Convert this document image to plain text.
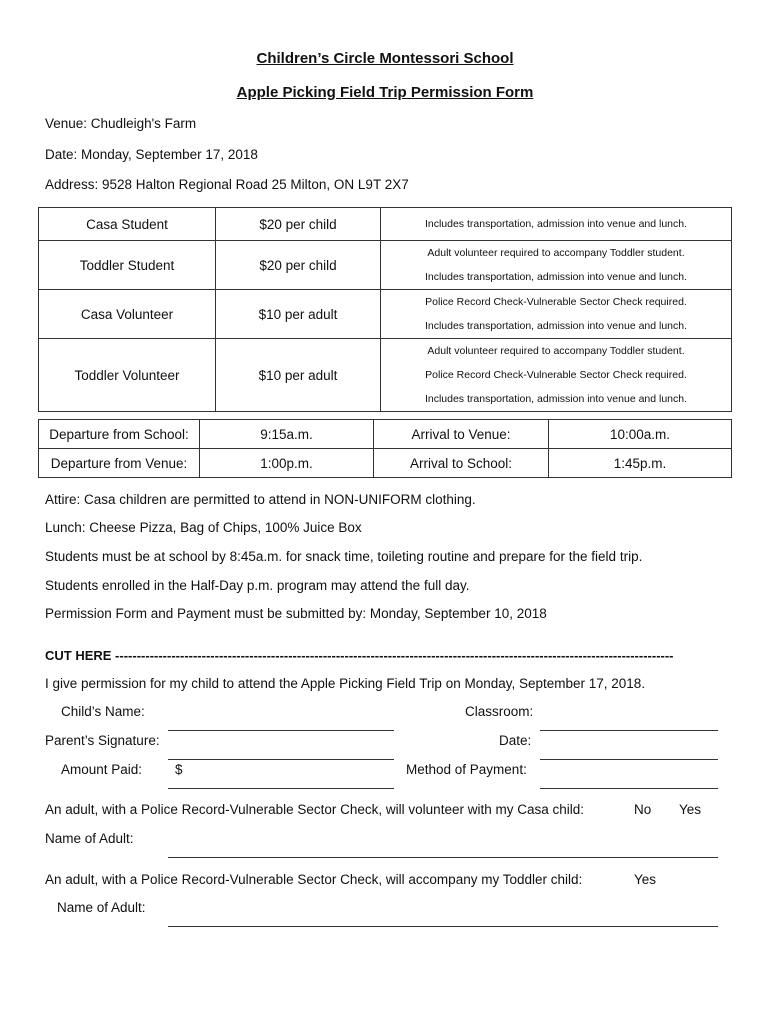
Children’s Circle Montessori School
Apple Picking Field Trip Permission Form
Venue: Chudleigh's Farm
Date: Monday, September 17, 2018
Address: 9528 Halton Regional Road 25 Milton, ON L9T 2X7
Casa Student	$20 per child	Includes transportation, admission into venue and lunch.

Toddler Student	$20 per child	Adult volunteer required to accompany Toddler student.
Includes transportation, admission into venue and lunch.

Casa Volunteer	$10 per adult	Police Record Check-Vulnerable Sector Check required.
Includes transportation, admission into venue and lunch.

Toddler Volunteer	$10 per adult	Adult volunteer required to accompany Toddler student.
Police Record Check-Vulnerable Sector Check required.
Includes transportation, admission into venue and lunch.
Departure from School:	9:15a.m.	Arrival to Venue:	10:00a.m.
Departure from Venue:	1:00p.m.	Arrival to School:	1:45p.m.
Attire: Casa children are permitted to attend in NON-UNIFORM clothing.
Lunch: Cheese Pizza, Bag of Chips, 100% Juice Box
Students must be at school by 8:45a.m. for snack time, toileting routine and prepare for the field trip.
Students enrolled in the Half-Day p.m. program may attend the full day.
Permission Form and Payment must be submitted by: Monday, September 10, 2018
CUT HERE ---------------------------------------------------------------------------------------------------------------------------------
I give permission for my child to attend the Apple Picking Field Trip on Monday, September 17, 2018.
Child’s Name:	Classroom:
Parent’s Signature:	Date:
Amount Paid: $	Method of Payment:
An adult, with a Police Record-Vulnerable Sector Check, will volunteer with my Casa child:	No Yes
Name of Adult:
An adult, with a Police Record-Vulnerable Sector Check, will accompany my Toddler child:	Yes
Name of Adult:
